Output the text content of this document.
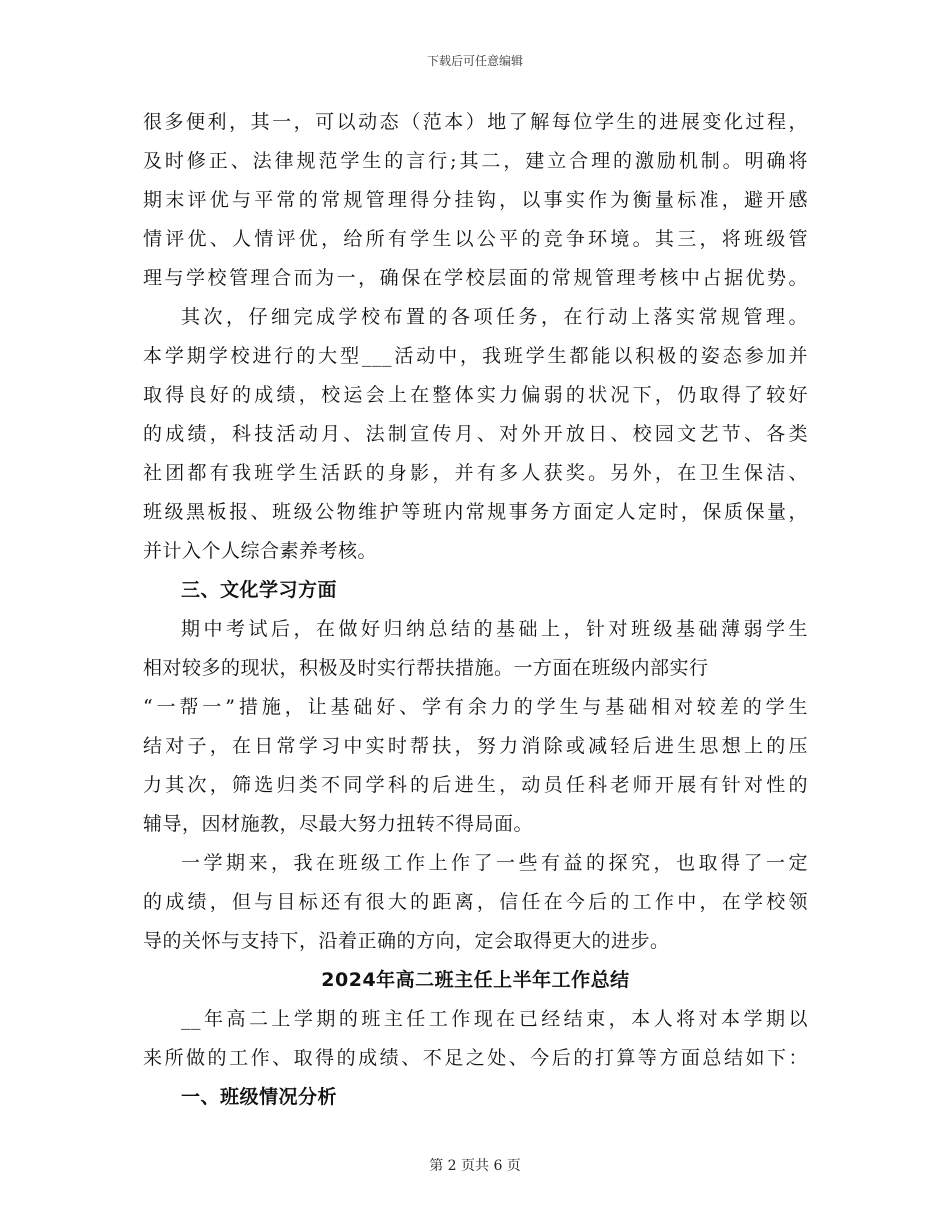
下载后可任意编辑
很多便利，其一，可以动态（范本）地了解每位学生的进展变化过程，
及时修正、法律规范学生的言行;其二，建立合理的激励机制。明确将
期末评优与平常的常规管理得分挂钩，以事实作为衡量标准，避开感
情评优、人情评优，给所有学生以公平的竞争环境。其三，将班级管
理与学校管理合而为一，确保在学校层面的常规管理考核中占据优势。
其次，仔细完成学校布置的各项任务，在行动上落实常规管理。
本学期学校进行的大型___活动中，我班学生都能以积极的姿态参加并
取得良好的成绩，校运会上在整体实力偏弱的状况下，仍取得了较好
的成绩，科技活动月、法制宣传月、对外开放日、校园文艺节、各类
社团都有我班学生活跃的身影，并有多人获奖。另外，在卫生保洁、
班级黑板报、班级公物维护等班内常规事务方面定人定时，保质保量，
并计入个人综合素养考核。
三、文化学习方面
期中考试后，在做好归纳总结的基础上，针对班级基础薄弱学生
相对较多的现状，积极及时实行帮扶措施。一方面在班级内部实行
“一帮一”措施，让基础好、学有余力的学生与基础相对较差的学生
结对子，在日常学习中实时帮扶，努力消除或减轻后进生思想上的压
力其次，筛选归类不同学科的后进生，动员任科老师开展有针对性的
辅导，因材施教，尽最大努力扭转不得局面。
一学期来，我在班级工作上作了一些有益的探究，也取得了一定
的成绩，但与目标还有很大的距离，信任在今后的工作中，在学校领
导的关怀与支持下，沿着正确的方向，定会取得更大的进步。
2024年高二班主任上半年工作总结
__年高二上学期的班主任工作现在已经结束，本人将对本学期以
来所做的工作、取得的成绩、不足之处、今后的打算等方面总结如下：
一、班级情况分析
第 2 页共 6 页
